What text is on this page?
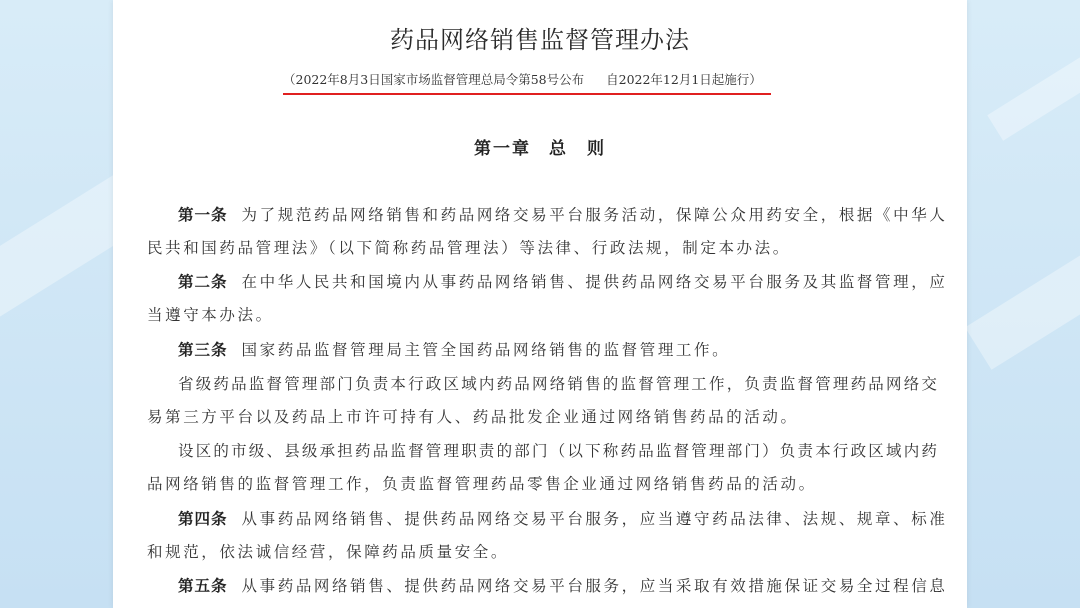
药品网络销售监督管理办法
（2022年8月3日国家市场监督管理总局令第58号公布 自2022年12月1日起施行）
第一章 总　则
第一条 为了规范药品网络销售和药品网络交易平台服务活动，保障公众用药安全，根据《中华人
民共和国药品管理法》（以下简称药品管理法）等法律、行政法规，制定本办法。
第二条 在中华人民共和国境内从事药品网络销售、提供药品网络交易平台服务及其监督管理，应
当遵守本办法。
第三条 国家药品监督管理局主管全国药品网络销售的监督管理工作。
省级药品监督管理部门负责本行政区域内药品网络销售的监督管理工作，负责监督管理药品网络交
易第三方平台以及药品上市许可持有人、药品批发企业通过网络销售药品的活动。
设区的市级、县级承担药品监督管理职责的部门（以下称药品监督管理部门）负责本行政区域内药
品网络销售的监督管理工作，负责监督管理药品零售企业通过网络销售药品的活动。
第四条 从事药品网络销售、提供药品网络交易平台服务，应当遵守药品法律、法规、规章、标准
和规范，依法诚信经营，保障药品质量安全。
第五条 从事药品网络销售、提供药品网络交易平台服务，应当采取有效措施保证交易全过程信息
